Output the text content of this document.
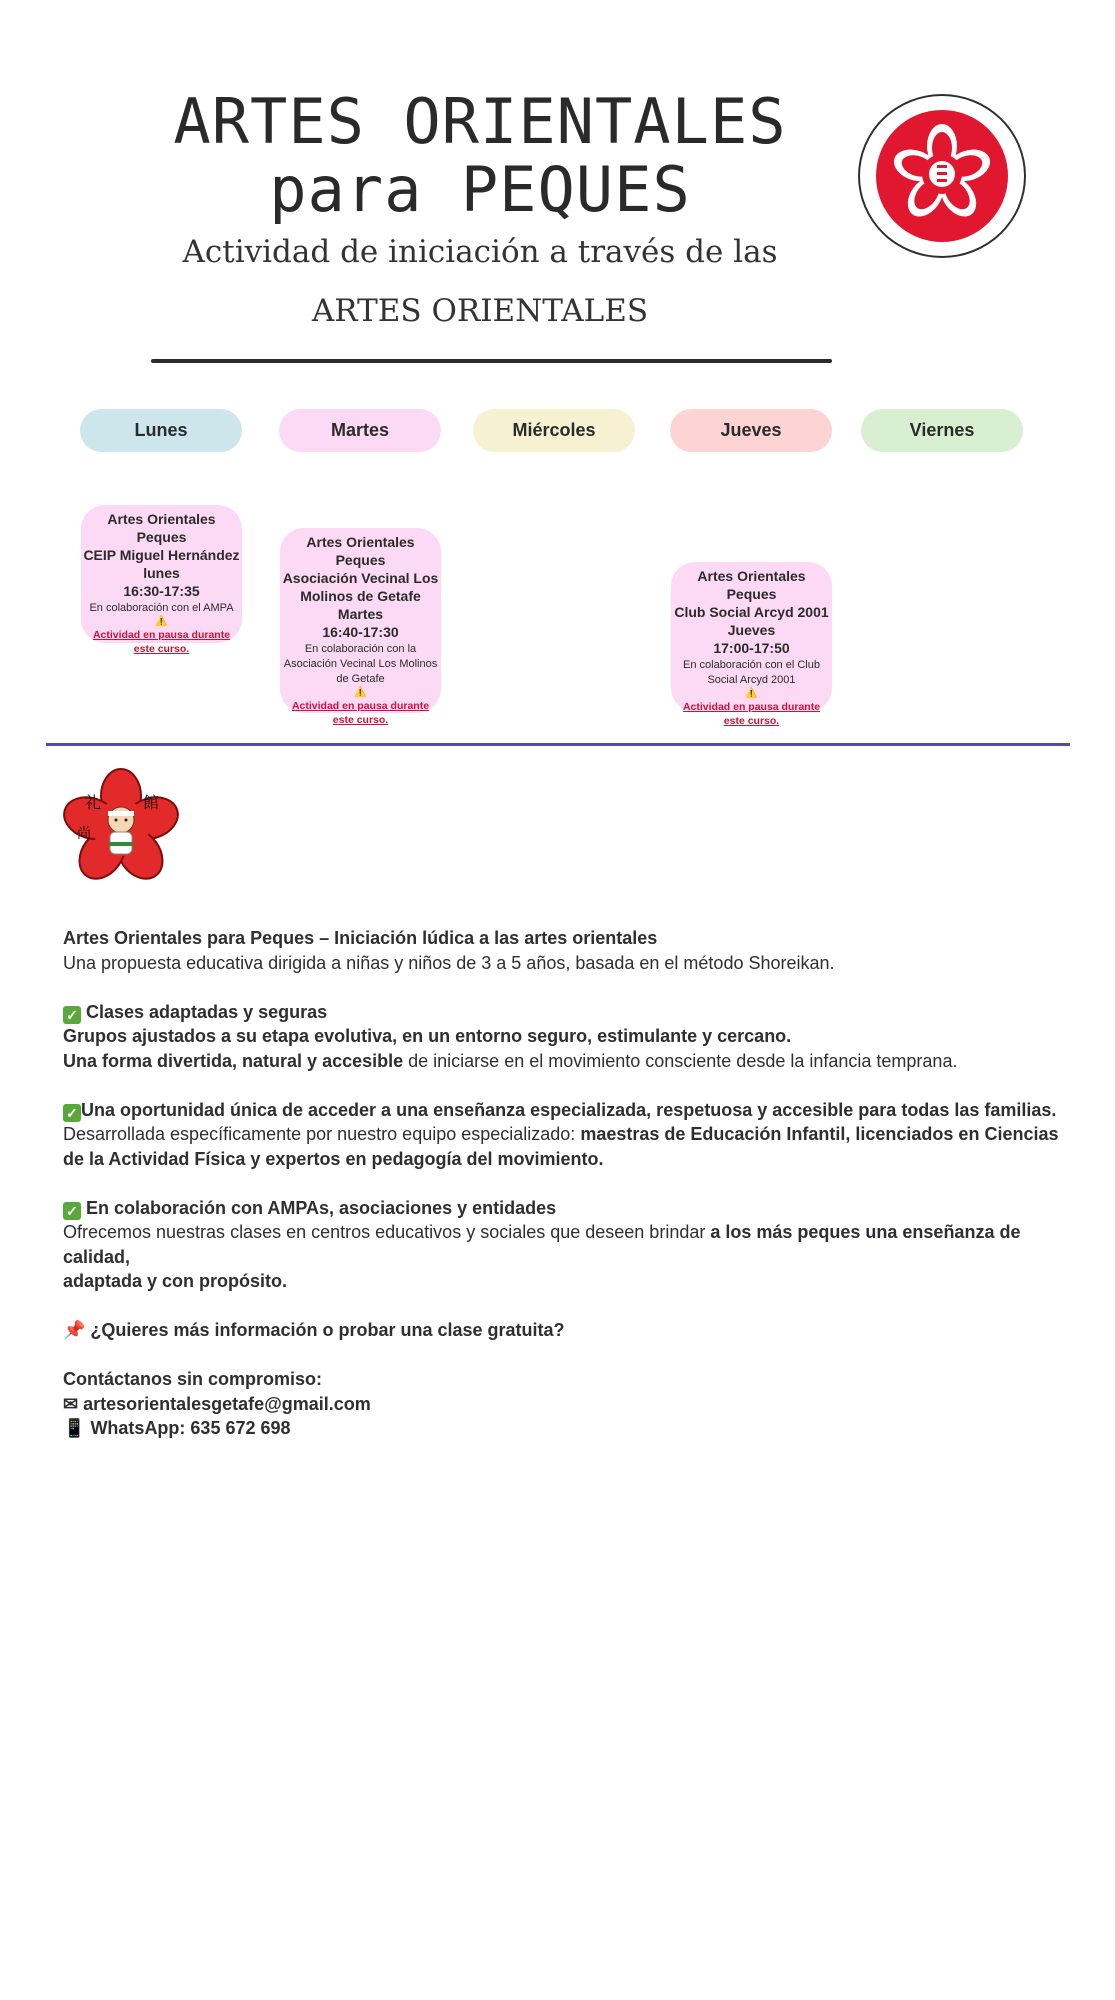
ARTES ORIENTALES
para PEQUES
Actividad de iniciación a través de las
ARTES ORIENTALES
Lunes	Martes	Miércoles	Jueves	Viernes
Artes Orientales Peques
CEIP Miguel Hernández
lunes
16:30-17:35
En colaboración con el AMPA
⚠️
Actividad en pausa durante
este curso.
Artes Orientales Peques
Asociación Vecinal Los
Molinos de Getafe
Martes
16:40-17:30
En colaboración con la
Asociación Vecinal Los Molinos
de Getafe
⚠️
Actividad en pausa durante
este curso.
Artes Orientales Peques
Club Social Arcyd 2001
Jueves
17:00-17:50
En colaboración con el Club
Social Arcyd 2001
⚠️
Actividad en pausa durante
este curso.
礼	館
尚

Artes Orientales para Peques – Iniciación lúdica a las artes orientales

Una propuesta educativa dirigida a niñas y niños de 3 a 5 años, basada en el método Shoreikan.

✓ Clases adaptadas y seguras

Grupos ajustados a su etapa evolutiva, en un entorno seguro, estimulante y cercano.

Una forma divertida, natural y accesible de iniciarse en el movimiento consciente desde la infancia temprana.

✓ Una oportunidad única de acceder a una enseñanza especializada, respetuosa y accesible para todas las familias.

Desarrollada específicamente por nuestro equipo especializado: maestras de Educación Infantil, licenciados en Ciencias

de la Actividad Física y expertos en pedagogía del movimiento.

✓ En colaboración con AMPAs, asociaciones y entidades

Ofrecemos nuestras clases en centros educativos y sociales que deseen brindar a los más peques una enseñanza de calidad,

adaptada y con propósito.

📌 ¿Quieres más información o probar una clase gratuita?

Contáctanos sin compromiso:

✉ artesorientalesgetafe@gmail.com

📱 WhatsApp: 635 672 698
